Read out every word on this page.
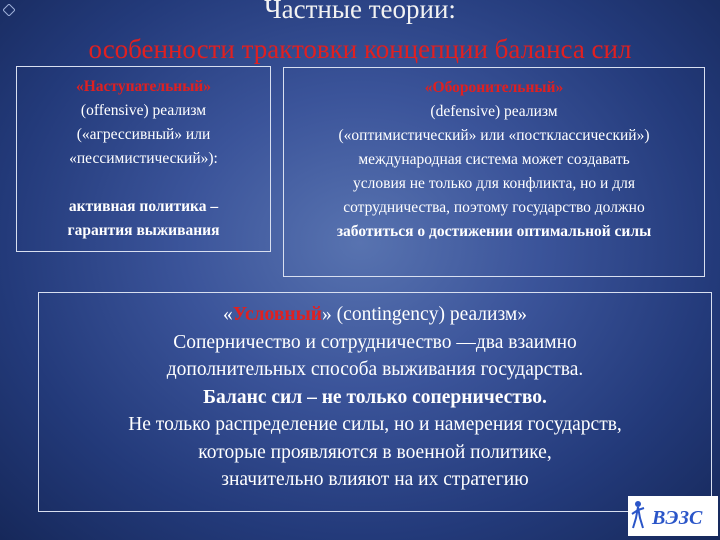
Частные теории:
особенности трактовки концепции баланса сил
«Наступательный»
(offensive) реализм
(«агрессивный» или
«пессимистический»):
активная политика –
гарантия выживания
«Оборонительный»
(defensive) реализм
(«оптимистический» или «постклассический»)
международная система может создавать
условия не только для конфликта, но и для
сотрудничества, поэтому государство должно
заботиться о достижении оптимальной силы
«Условный» (contingency) реализм»
Соперничество и сотрудничество —два взаимно
дополнительных способа выживания государства.
Баланс сил – не только соперничество.
Не только распределение силы, но и намерения государств,
которые проявляются в военной политике,
значительно влияют на их стратегию
ВЭЗС
